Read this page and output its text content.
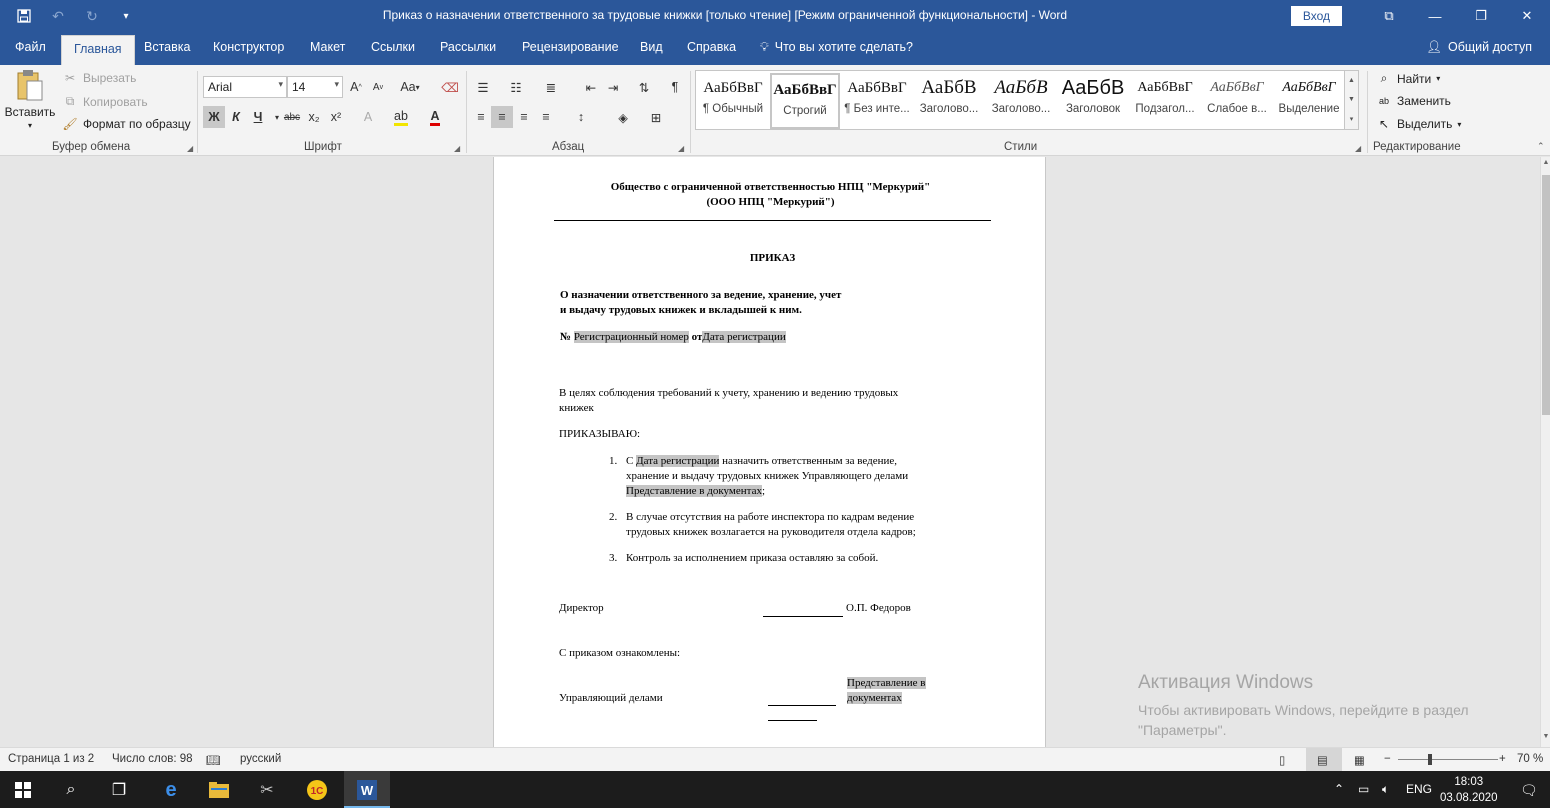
↶ ↻	▾	Приказ о назначении ответственного за трудовые книжки [только чтение] [Режим ограниченной функциональности] - Word	Вход	⧉	—	❐	✕
Файл	Главная	Вставка Конструктор Макет Ссылки Рассылки Рецензирование Вид Справка 💡︎ Что вы хотите сделать?	👤︎ Общий доступ
Вставить
▾
✂ Вырезать
⧉ Копировать
🖌︎ Формат по образцу
Буфер обмена	◢
Arial	▾ 14	▾ A ^ A v Aa ▾ ⌫
Ж	К	Ч	▾ abc x₂ x²	A	ab A
Шрифт	◢
☰	☷	≣	⇤ ⇥	⇅	¶
≡	≡	≡	≡	↕	◈	⊞
Абзац	◢
АаБбВвГ
¶ Обычный
АаБбВвГ
Строгий
АаБбВвГ
¶ Без инте...
АаБбВ
Заголово...
АаБбВ
Заголово...
АаБбВ
Заголовок
АаБбВвГ
Подзагол...
АаБбВвГ
Слабое в...
АаБбВвГ
Выделение
▲
▼
▾
Стили	◢
⌕ Найти ▾
ab Заменить
↖ Выделить ▾
Редактирование	⌃
Общество с ограниченной ответственностью НПЦ "Меркурий"
(ООО НПЦ "Меркурий")
ПРИКАЗ
О назначении ответственного за ведение, хранение, учет
и выдачу трудовых книжек и вкладышей к ним.
№ Регистрационный номер отДата регистрации
В целях соблюдения требований к учету, хранению и ведению трудовых
книжек
ПРИКАЗЫВАЮ:
1. С Дата регистрации назначить ответственным за ведение,
хранение и выдачу трудовых книжек Управляющего делами
Представление в документах;
2. В случае отсутствия на работе инспектора по кадрам ведение
трудовых книжек возлагается на руководителя отдела кадров;
3. Контроль за исполнением приказа оставляю за собой.
Директор	О.П. Федоров
С приказом ознакомлены:
Управляющий делами
Представление в
документах
▲
▼
Активация Windows
Чтобы активировать Windows, перейдите в раздел
"Параметры".
Страница 1 из 2 Число слов: 98 📖︎ русский	▯	▤ ▦ −	+ 70 %
⌕	❐	e	✂	1C	W	⌃ ▭ 🔈︎ ENG	18:03
03.08.2020 🗨︎
